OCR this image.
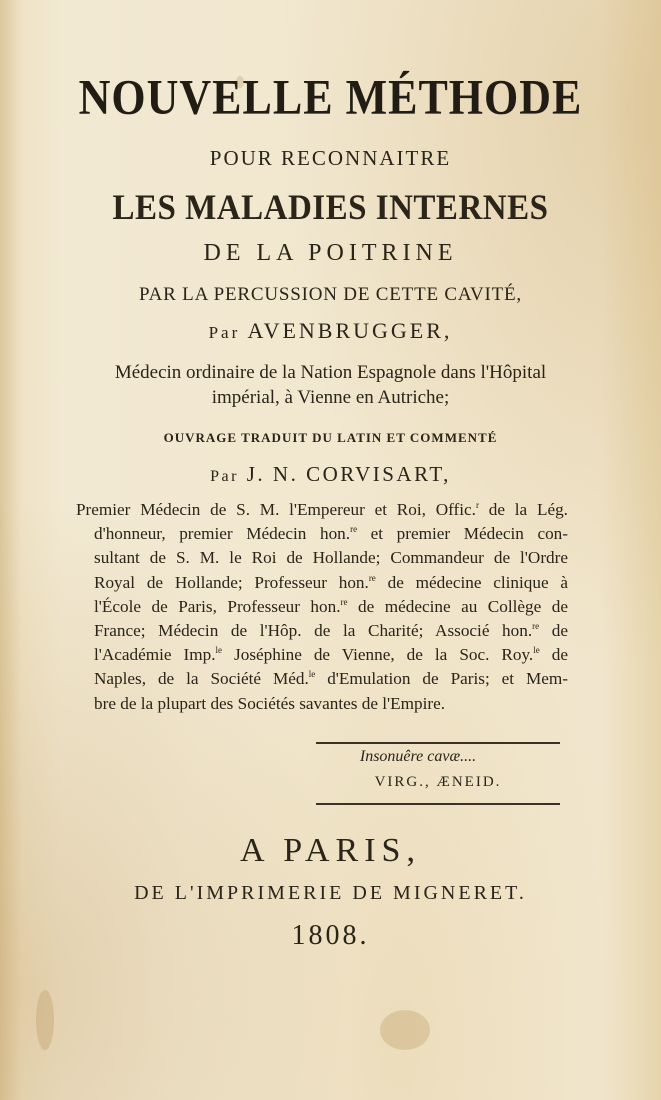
NOUVELLE MÉTHODE
POUR RECONNAITRE
LES MALADIES INTERNES
DE LA POITRINE
PAR LA PERCUSSION DE CETTE CAVITÉ,
Par AVENBRUGGER,
Médecin ordinaire de la Nation Espagnole dans l'Hôpital
impérial, à Vienne en Autriche;
OUVRAGE TRADUIT DU LATIN ET COMMENTÉ
Par J. N. CORVISART,
Premier Médecin de S. M. l'Empereur et Roi, Offic.$^r$ de la Lég.
d'honneur, premier Médecin hon.$^{re}$ et premier Médecin con-
sultant de S. M. le Roi de Hollande; Commandeur de l'Ordre
Royal de Hollande; Professeur hon.$^{re}$ de médecine clinique à
l'École de Paris, Professeur hon.$^{re}$ de médecine au Collège de
France; Médecin de l'Hôp. de la Charité; Associé hon.$^{re}$ de
l'Académie Imp.$^{le}$ Joséphine de Vienne, de la Soc. Roy.$^{le}$ de
Naples, de la Société Méd.$^{le}$ d'Emulation de Paris; et Mem-
bre de la plupart des Sociétés savantes de l'Empire.
Insonuêre cavæ....
VIRG., ÆNEID.
A PARIS,
DE L'IMPRIMERIE DE MIGNERET.
1808.
